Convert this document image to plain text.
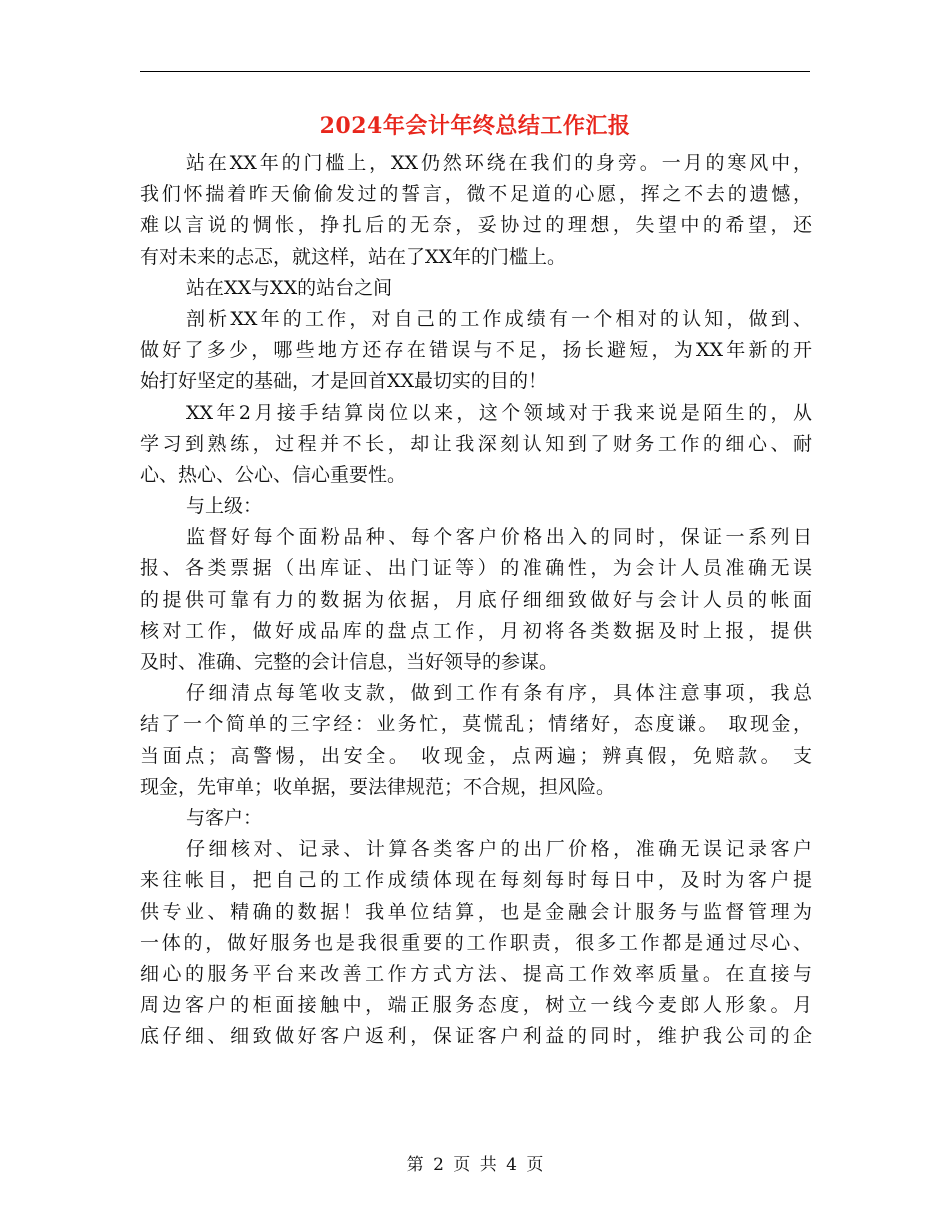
2024年会计年终总结工作汇报
站在XX年的门槛上，XX仍然环绕在我们的身旁。一月的寒风中，
我们怀揣着昨天偷偷发过的誓言，微不足道的心愿，挥之不去的遗憾，
难以言说的惆怅，挣扎后的无奈，妥协过的理想，失望中的希望，还
有对未来的忐忑，就这样，站在了XX年的门槛上。
站在XX与XX的站台之间
剖析XX年的工作，对自己的工作成绩有一个相对的认知，做到、
做好了多少，哪些地方还存在错误与不足，扬长避短，为XX年新的开
始打好坚定的基础，才是回首XX最切实的目的！
XX年2月接手结算岗位以来，这个领域对于我来说是陌生的，从
学习到熟练，过程并不长，却让我深刻认知到了财务工作的细心、耐
心、热心、公心、信心重要性。
与上级：
监督好每个面粉品种、每个客户价格出入的同时，保证一系列日
报、各类票据（出库证、出门证等）的准确性，为会计人员准确无误
的提供可靠有力的数据为依据，月底仔细细致做好与会计人员的帐面
核对工作，做好成品库的盘点工作，月初将各类数据及时上报，提供
及时、准确、完整的会计信息，当好领导的参谋。
仔细清点每笔收支款，做到工作有条有序，具体注意事项，我总
结了一个简单的三字经：业务忙，莫慌乱；情绪好，态度谦。 取现金，
当面点；高警惕，出安全。 收现金，点两遍；辨真假，免赔款。 支
现金，先审单；收单据，要法律规范；不合规，担风险。
与客户：
仔细核对、记录、计算各类客户的出厂价格，准确无误记录客户
来往帐目，把自己的工作成绩体现在每刻每时每日中，及时为客户提
供专业、精确的数据！我单位结算，也是金融会计服务与监督管理为
一体的，做好服务也是我很重要的工作职责，很多工作都是通过尽心、
细心的服务平台来改善工作方式方法、提高工作效率质量。在直接与
周边客户的柜面接触中，端正服务态度，树立一线今麦郎人形象。月
底仔细、细致做好客户返利，保证客户利益的同时，维护我公司的企
第 2 页 共 4 页
